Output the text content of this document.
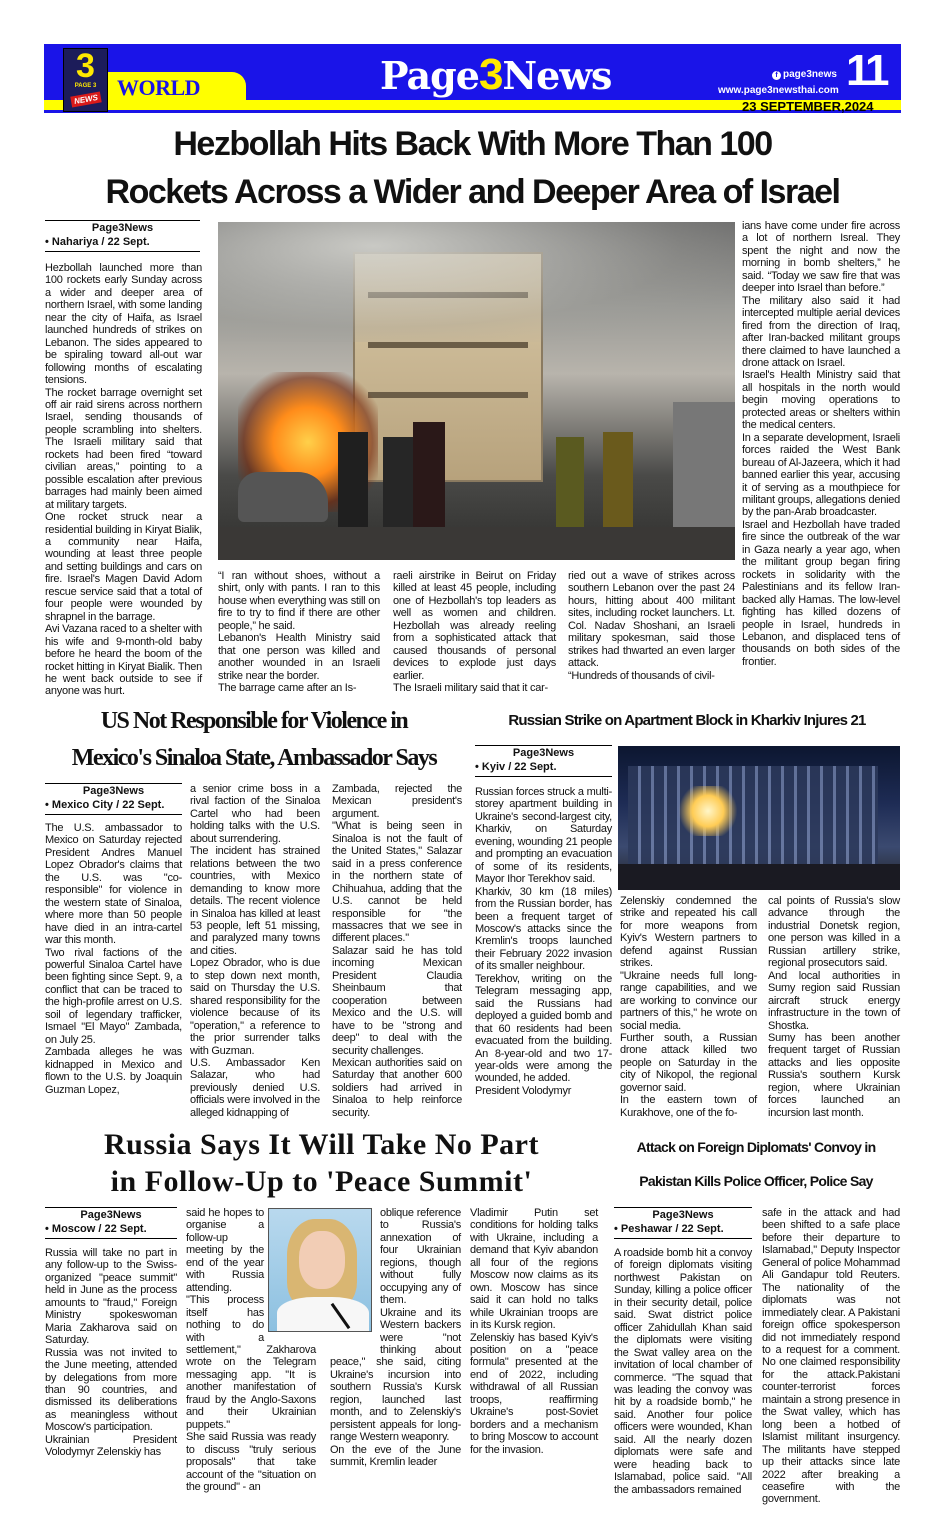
WORLD
3
PAGE 3
NEWS
Page3News	f page3news
www.page3newsthai.com 11
23 SEPTEMBER,2024
Hezbollah Hits Back With More Than 100
Rockets Across a Wider and Deeper Area of Israel
Page3News
• Nahariya / 22 Sept.

Hezbollah launched more than 100 rockets early Sunday across a wider and deeper area of northern Israel, with some landing near the city of Haifa, as Israel launched hundreds of strikes on Lebanon. The sides appeared to be spiraling toward all-out war following months of escalating tensions.

The rocket barrage overnight set off air raid sirens across northern Israel, sending thousands of people scrambling into shelters. The Israeli military said that rockets had been fired “toward civilian areas,” pointing to a possible escalation after previous barrages had mainly been aimed at military targets.

One rocket struck near a residential building in Kiryat Bialik, a community near Haifa, wounding at least three people and setting buildings and cars on fire. Israel's Magen David Adom rescue service said that a total of four people were wounded by shrapnel in the barrage.

Avi Vazana raced to a shelter with his wife and 9-month-old baby before he heard the boom of the rocket hitting in Kiryat Bialik. Then he went back outside to see if anyone was hurt.

“I ran without shoes, without a shirt, only with pants. I ran to this house when everything was still on fire to try to find if there are other people,” he said.

Lebanon's Health Ministry said that one person was killed and another wounded in an Israeli strike near the border.

The barrage came after an Is-

raeli airstrike in Beirut on Friday killed at least 45 people, including one of Hezbollah's top leaders as well as women and children. Hezbollah was already reeling from a sophisticated attack that caused thousands of personal devices to explode just days earlier.

The Israeli military said that it car-

ried out a wave of strikes across southern Lebanon over the past 24 hours, hitting about 400 militant sites, including rocket launchers. Lt. Col. Nadav Shoshani, an Israeli military spokesman, said those strikes had thwarted an even larger attack.

“Hundreds of thousands of civil-

ians have come under fire across a lot of northern Isreal. They spent the night and now the morning in bomb shelters,” he said. “Today we saw fire that was deeper into Israel than before.”

The military also said it had intercepted multiple aerial devices fired from the direction of Iraq, after Iran-backed militant groups there claimed to have launched a drone attack on Israel.

Israel's Health Ministry said that all hospitals in the north would begin moving operations to protected areas or shelters within the medical centers.

In a separate development, Israeli forces raided the West Bank bureau of Al-Jazeera, which it had banned earlier this year, accusing it of serving as a mouthpiece for militant groups, allegations denied by the pan-Arab broadcaster.

Israel and Hezbollah have traded fire since the outbreak of the war in Gaza nearly a year ago, when the militant group began firing rockets in solidarity with the Palestinians and its fellow Iran-backed ally Hamas. The low-level fighting has killed dozens of people in Israel, hundreds in Lebanon, and displaced tens of thousands on both sides of the frontier.

US Not Responsible for Violence in
Mexico's Sinaloa State, Ambassador Says
Page3News
• Mexico City / 22 Sept.

The U.S. ambassador to Mexico on Saturday rejected President Andres Manuel Lopez Obrador's claims that the U.S. was "co-responsible" for violence in the western state of Sinaloa, where more than 50 people have died in an intra-cartel war this month.

Two rival factions of the powerful Sinaloa Cartel have been fighting since Sept. 9, a conflict that can be traced to the high-profile arrest on U.S. soil of legendary trafficker, Ismael "El Mayo" Zambada, on July 25.

Zambada alleges he was kidnapped in Mexico and flown to the U.S. by Joaquin Guzman Lopez,

a senior crime boss in a rival faction of the Sinaloa Cartel who had been holding talks with the U.S. about surrendering.

The incident has strained relations between the two countries, with Mexico demanding to know more details. The recent violence in Sinaloa has killed at least 53 people, left 51 missing, and paralyzed many towns and cities.

Lopez Obrador, who is due to step down next month, said on Thursday the U.S. shared responsibility for the violence because of its "operation," a reference to the prior surrender talks with Guzman.

U.S. Ambassador Ken Salazar, who had previously denied U.S. officials were involved in the alleged kidnapping of

Zambada, rejected the Mexican president's argument.

"What is being seen in Sinaloa is not the fault of the United States," Salazar said in a press conference in the northern state of Chihuahua, adding that the U.S. cannot be held responsible for "the massacres that we see in different places."

Salazar said he has told incoming Mexican President Claudia Sheinbaum that cooperation between Mexico and the U.S. will have to be "strong and deep" to deal with the security challenges.

Mexican authorities said on Saturday that another 600 soldiers had arrived in Sinaloa to help reinforce security.

Russian Strike on Apartment Block in Kharkiv Injures 21
Page3News
• Kyiv / 22 Sept.

Russian forces struck a multi-storey apartment building in Ukraine's second-largest city, Kharkiv, on Saturday evening, wounding 21 people and prompting an evacuation of some of its residents, Mayor Ihor Terekhov said.

Kharkiv, 30 km (18 miles) from the Russian border, has been a frequent target of Moscow's attacks since the Kremlin's troops launched their February 2022 invasion of its smaller neighbour.

Terekhov, writing on the Telegram messaging app, said the Russians had deployed a guided bomb and that 60 residents had been evacuated from the building. An 8-year-old and two 17-year-olds were among the wounded, he added.

President Volodymyr

Zelenskiy condemned the strike and repeated his call for more weapons from Kyiv's Western partners to defend against Russian strikes.

"Ukraine needs full long-range capabilities, and we are working to convince our partners of this," he wrote on social media.

Further south, a Russian drone attack killed two people on Saturday in the city of Nikopol, the regional governor said.

In the eastern town of Kurakhove, one of the fo-

cal points of Russia's slow advance through the industrial Donetsk region, one person was killed in a Russian artillery strike, regional prosecutors said.

And local authorities in Sumy region said Russian aircraft struck energy infrastructure in the town of Shostka.

Sumy has been another frequent target of Russian attacks and lies opposite Russia's southern Kursk region, where Ukrainian forces launched an incursion last month.

Russia Says It Will Take No Part
in Follow-Up to 'Peace Summit'
Page3News
• Moscow / 22 Sept.

Russia will take no part in any follow-up to the Swiss-organized "peace summit" held in June as the process amounts to "fraud," Foreign Ministry spokeswoman Maria Zakharova said on Saturday.

Russia was not invited to the June meeting, attended by delegations from more than 90 countries, and dismissed its deliberations as meaningless without Moscow's participation.

Ukrainian President Volodymyr Zelenskiy has

said he hopes to organise a follow-up meeting by the end of the year with Russia attending.

"This process itself has nothing to do with a settlement," Zakharova wrote on the Telegram messaging app. "It is another manifestation of fraud by the Anglo-Saxons and their Ukrainian puppets."

She said Russia was ready to discuss "truly serious proposals" that take account of the "situation on the ground" - an

oblique reference to Russia's annexation of four Ukrainian regions, though without fully occupying any of them.

Ukraine and its Western backers were "not thinking about peace," she said, citing Ukraine's incursion into southern Russia's Kursk region, launched last month, and to Zelenskiy's persistent appeals for long-range Western weaponry.

On the eve of the June summit, Kremlin leader

Vladimir Putin set conditions for holding talks with Ukraine, including a demand that Kyiv abandon all four of the regions Moscow now claims as its own. Moscow has since said it can hold no talks while Ukrainian troops are in its Kursk region.

Zelenskiy has based Kyiv's position on a "peace formula" presented at the end of 2022, including withdrawal of all Russian troops, reaffirming Ukraine's post-Soviet borders and a mechanism to bring Moscow to account for the invasion.

Attack on Foreign Diplomats' Convoy in
Pakistan Kills Police Officer, Police Say
Page3News
• Peshawar / 22 Sept.

A roadside bomb hit a convoy of foreign diplomats visiting northwest Pakistan on Sunday, killing a police officer in their security detail, police said. Swat district police officer Zahidullah Khan said the diplomats were visiting the Swat valley area on the invitation of local chamber of commerce. "The squad that was leading the convoy was hit by a roadside bomb," he said. Another four police officers were wounded, Khan said. All the nearly dozen diplomats were safe and were heading back to Islamabad, police said. "All the ambassadors remained

safe in the attack and had been shifted to a safe place before their departure to Islamabad," Deputy Inspector General of police Mohammad Ali Gandapur told Reuters. The nationality of the diplomats was not immediately clear. A Pakistani foreign office spokesperson did not immediately respond to a request for a comment. No one claimed responsibility for the attack.Pakistani counter-terrorist forces maintain a strong presence in the Swat valley, which has long been a hotbed of Islamist militant insurgency. The militants have stepped up their attacks since late 2022 after breaking a ceasefire with the government.
